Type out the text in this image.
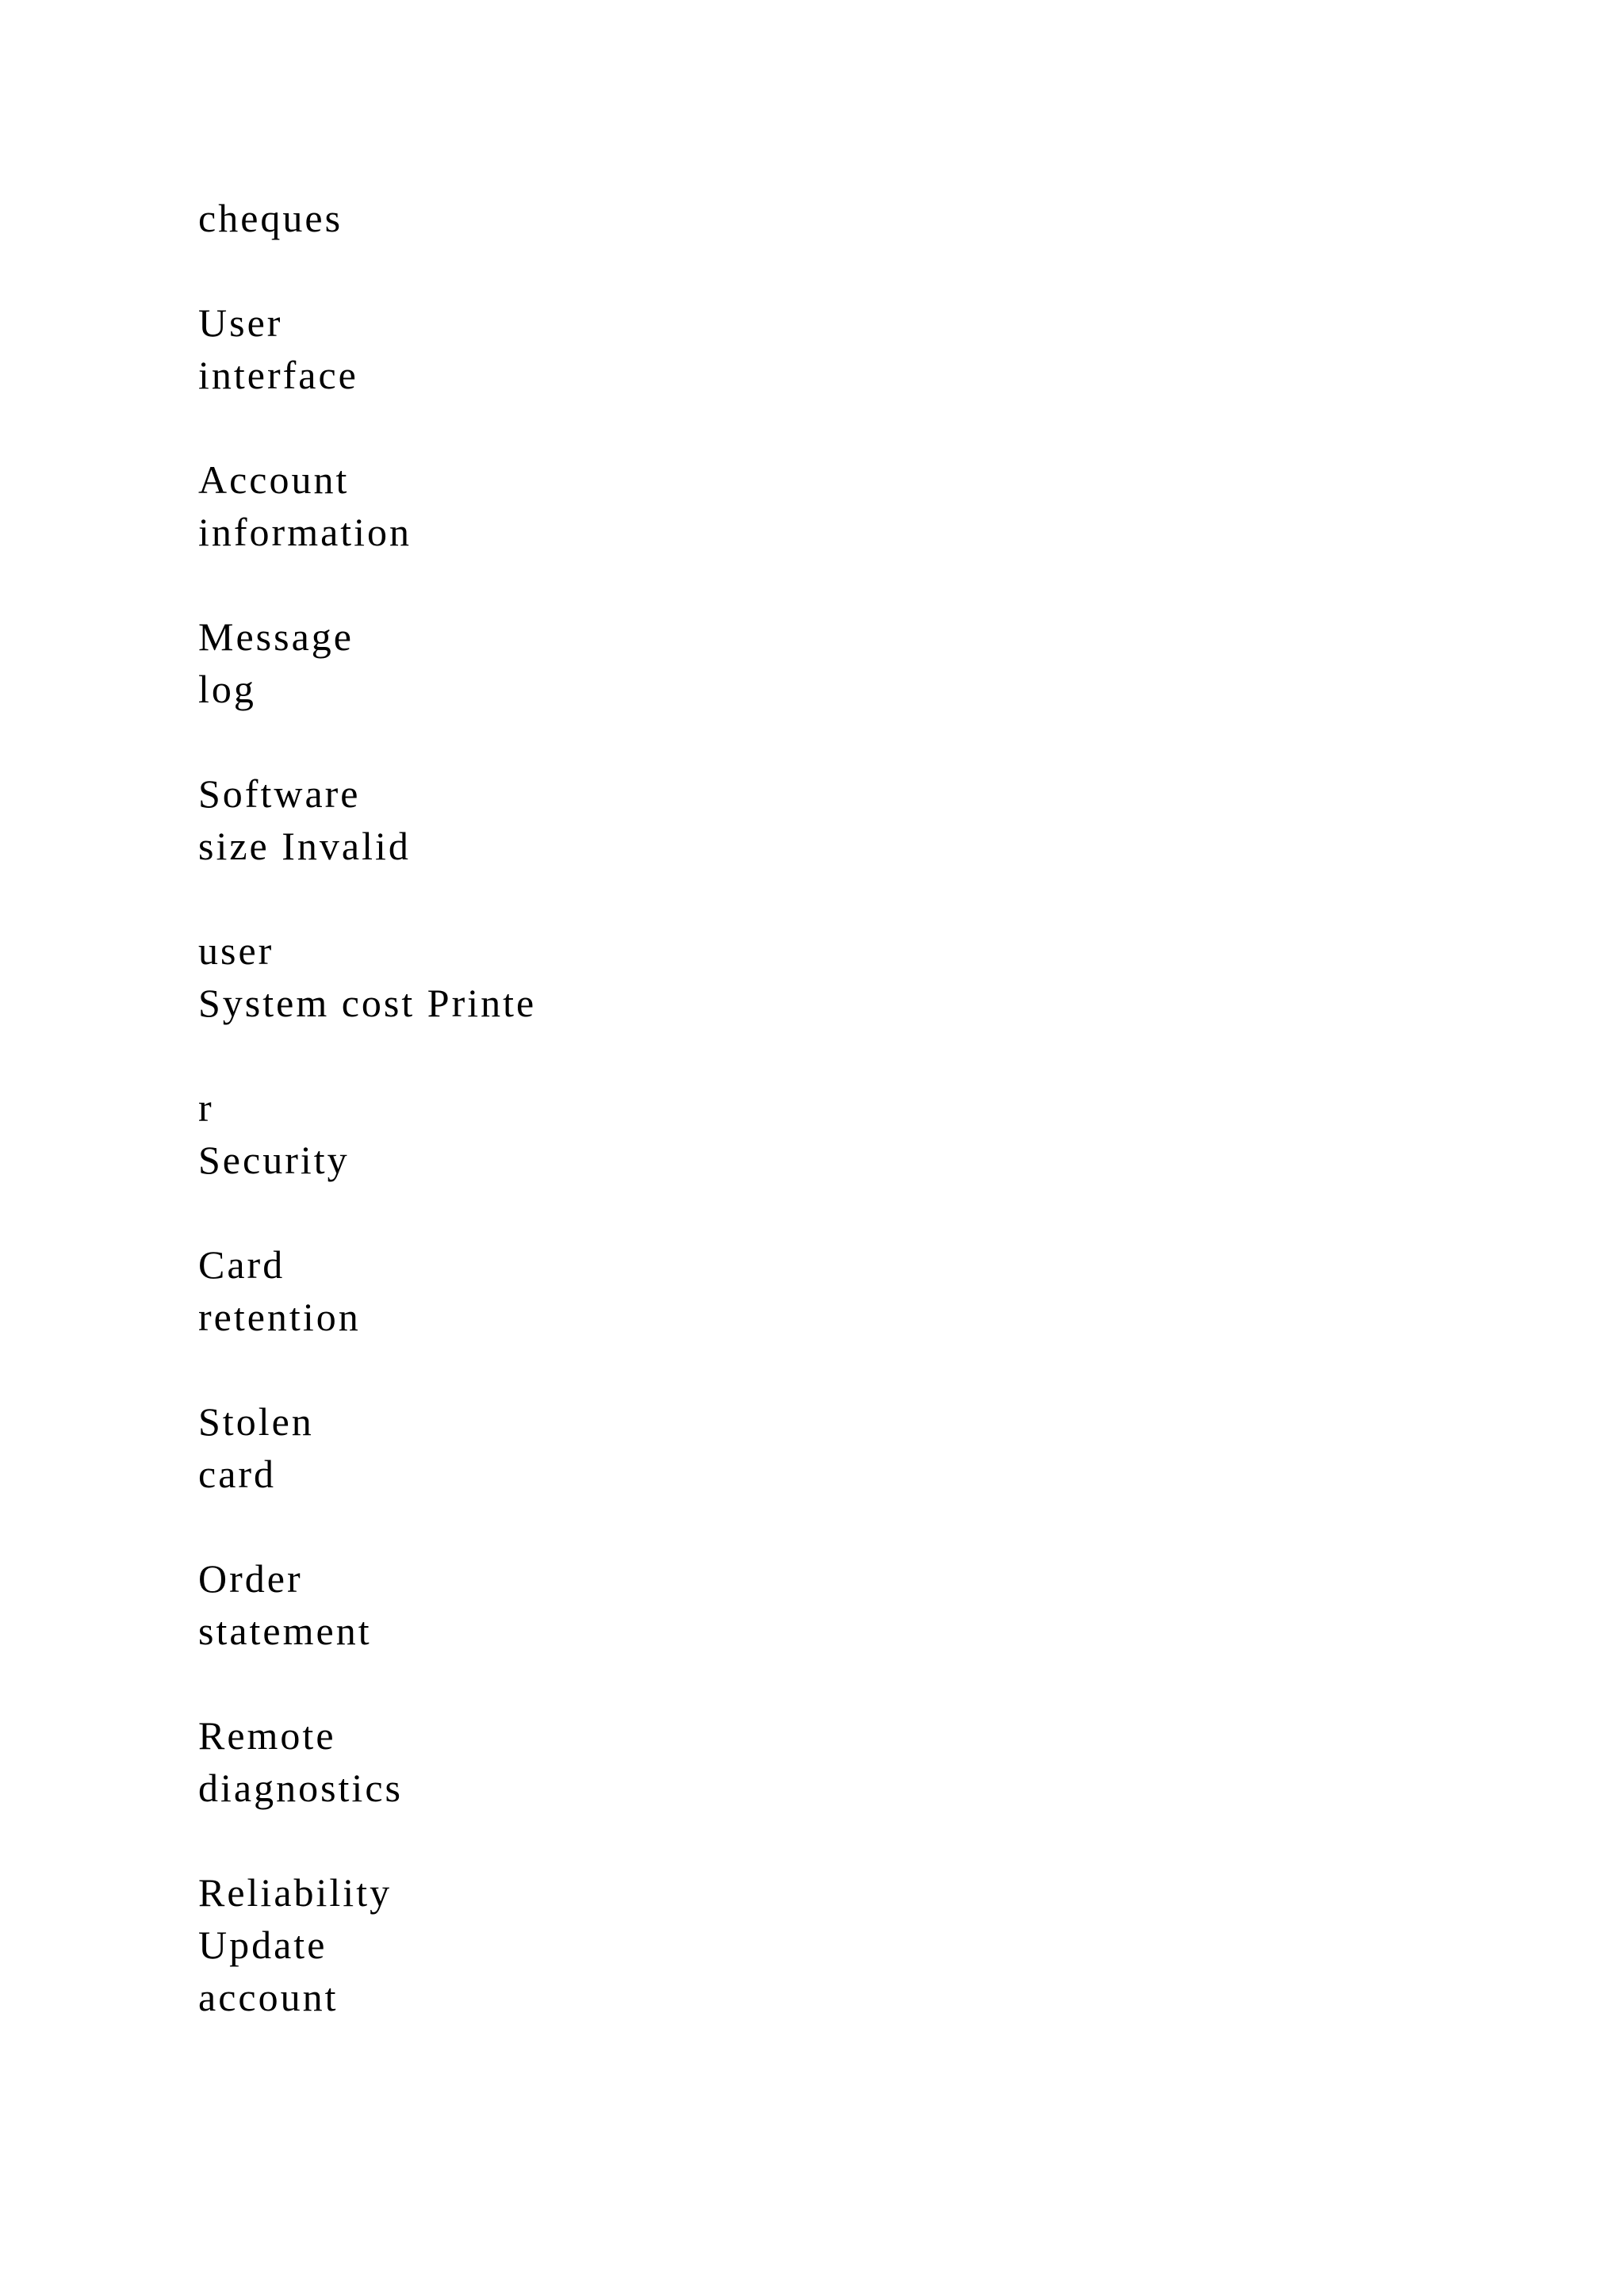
cheques
User
interface
Account
information
Message
log
Software
size Invalid
user
System cost Printe
r
Security
Card
retention
Stolen
card
Order
statement
Remote
diagnostics
Reliability
Update
account
